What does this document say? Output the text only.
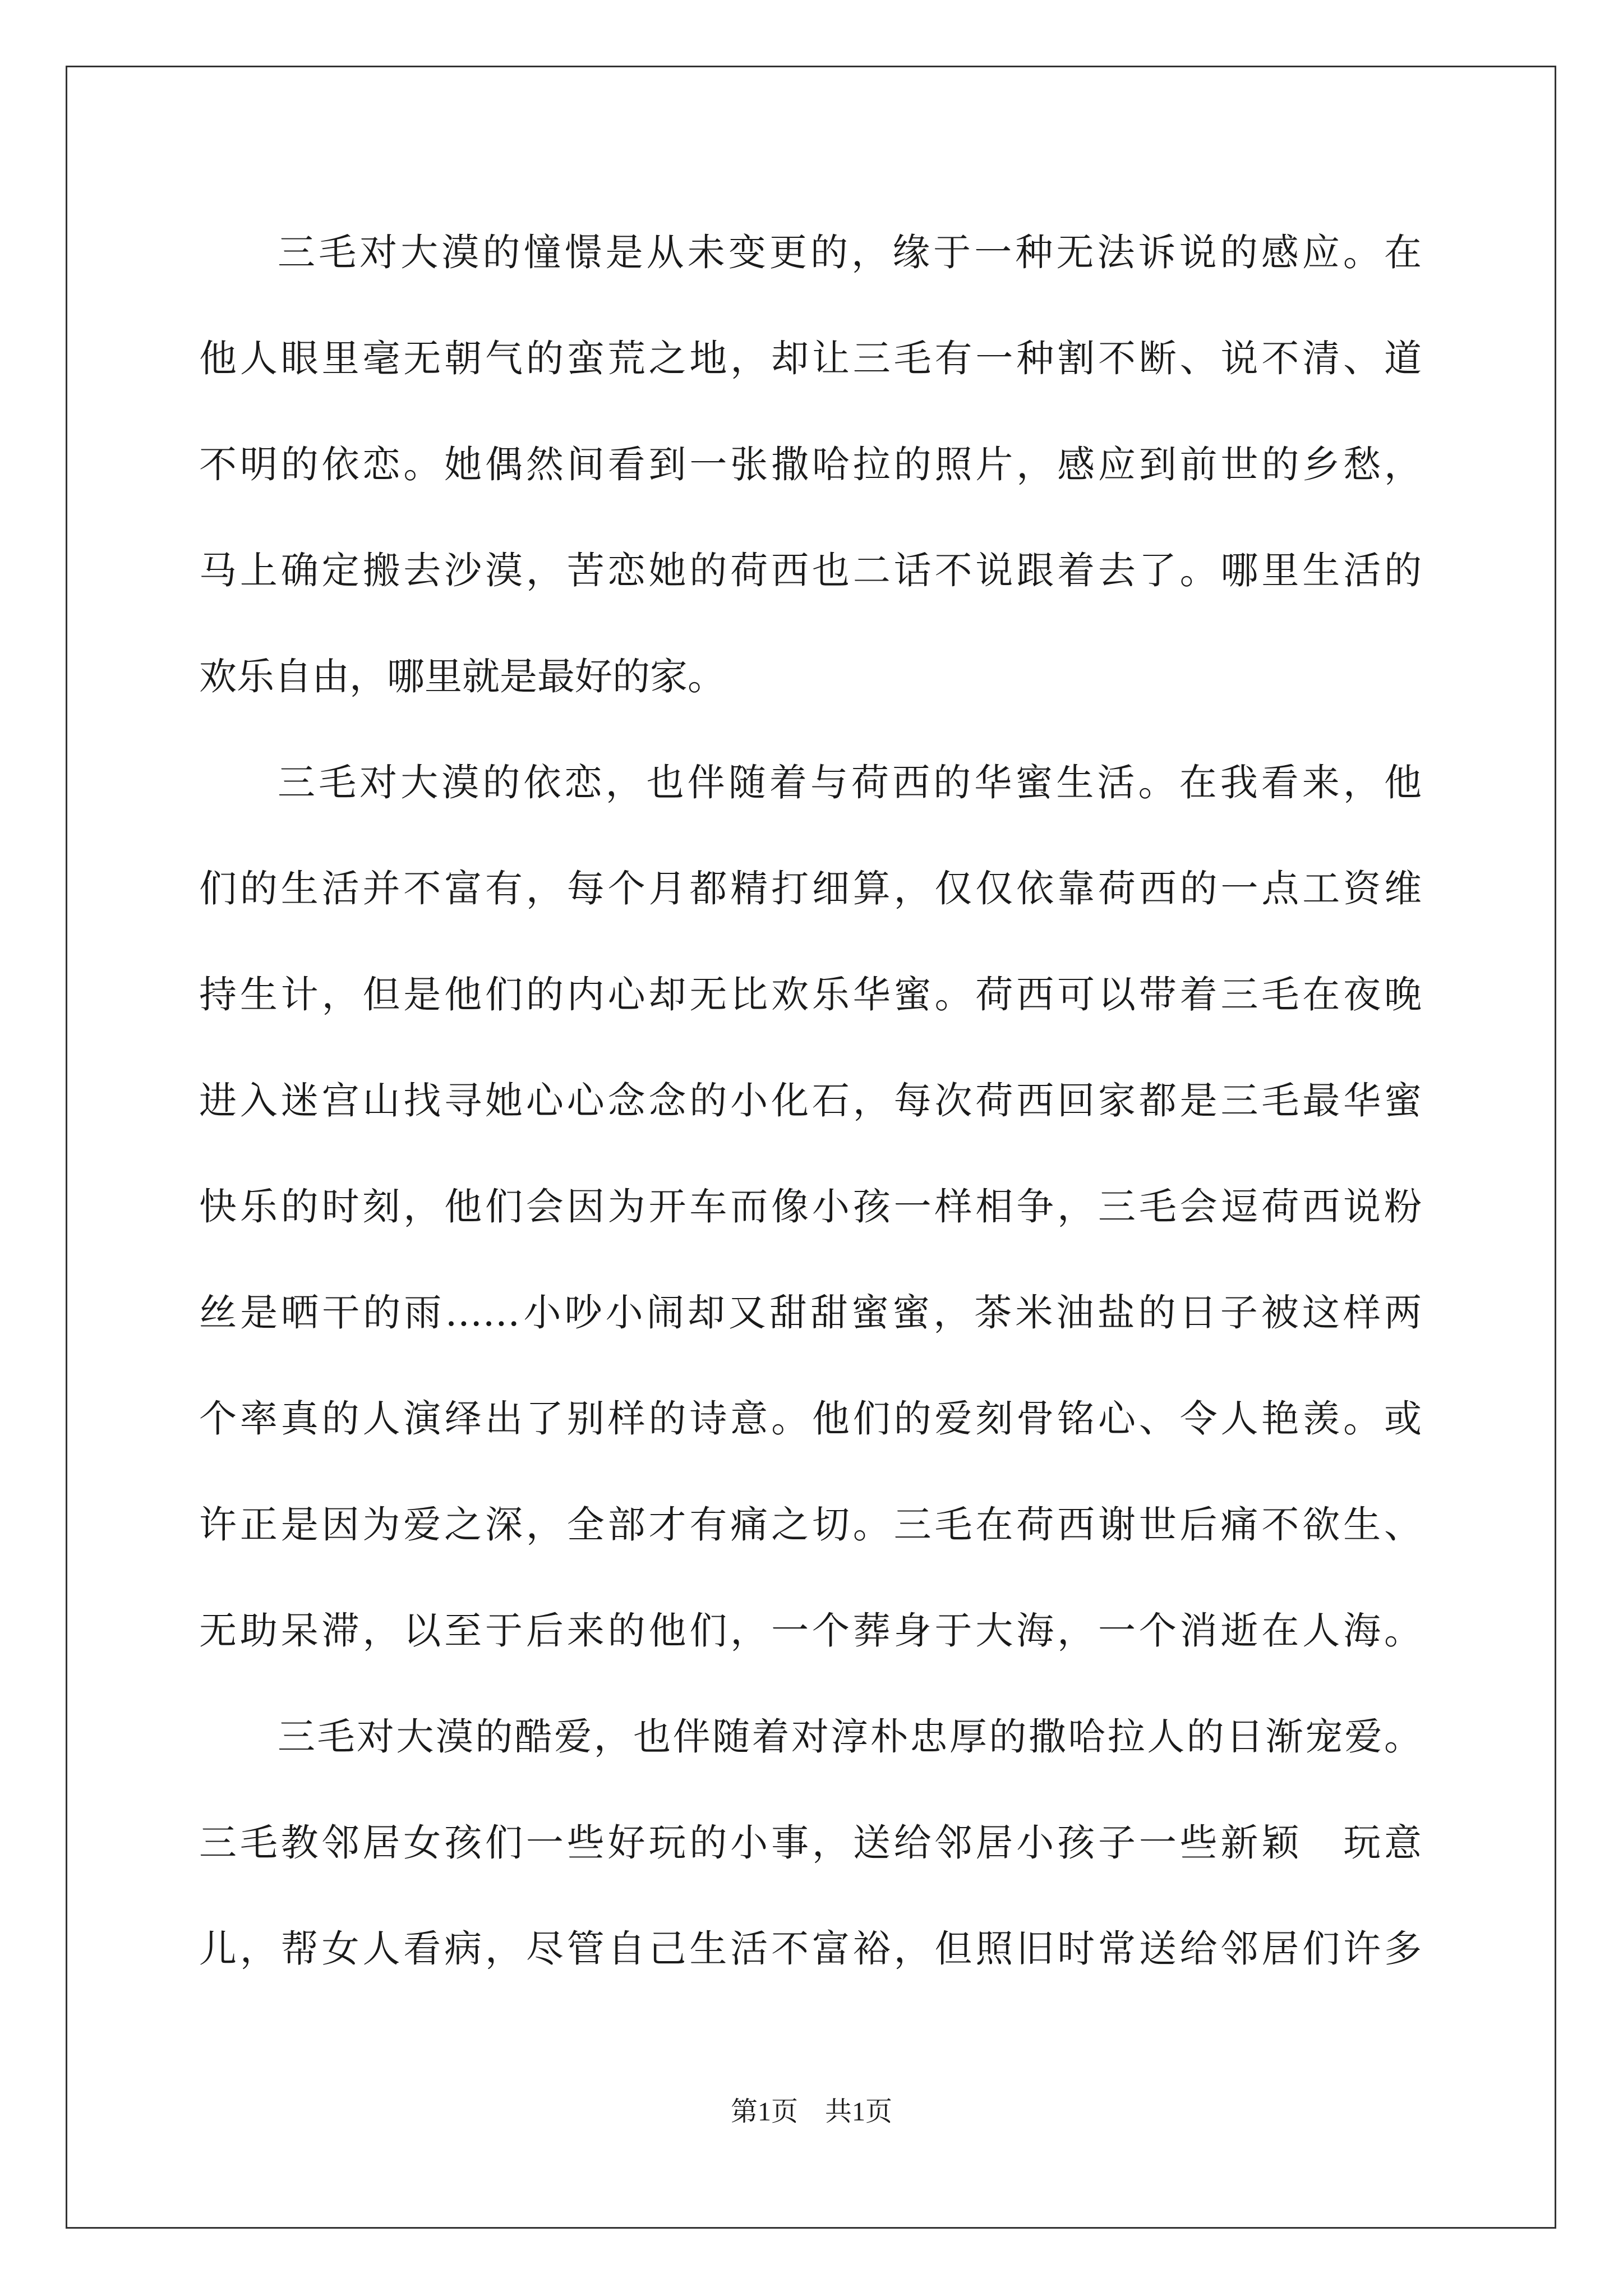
三毛对大漠的憧憬是从未变更的，缘于一种无法诉说的感应。在
他人眼里毫无朝气的蛮荒之地，却让三毛有一种割不断、说不清、道
不明的依恋。她偶然间看到一张撒哈拉的照片，感应到前世的乡愁，
马上确定搬去沙漠，苦恋她的荷西也二话不说跟着去了。哪里生活的
欢乐自由，哪里就是最好的家。
三毛对大漠的依恋，也伴随着与荷西的华蜜生活。在我看来，他
们的生活并不富有，每个月都精打细算，仅仅依靠荷西的一点工资维
持生计，但是他们的内心却无比欢乐华蜜。荷西可以带着三毛在夜晚
进入迷宫山找寻她心心念念的小化石，每次荷西回家都是三毛最华蜜
快乐的时刻，他们会因为开车而像小孩一样相争，三毛会逗荷西说粉
丝是晒干的雨……小吵小闹却又甜甜蜜蜜，茶米油盐的日子被这样两
个率真的人演绎出了别样的诗意。他们的爱刻骨铭心、令人艳羡。或
许正是因为爱之深，全部才有痛之切。三毛在荷西谢世后痛不欲生、
无助呆滞，以至于后来的他们，一个葬身于大海，一个消逝在人海。
三毛对大漠的酷爱，也伴随着对淳朴忠厚的撒哈拉人的日渐宠爱。
三毛教邻居女孩们一些好玩的小事，送给邻居小孩子一些新颖　玩意
儿，帮女人看病，尽管自己生活不富裕，但照旧时常送给邻居们许多
第1页　共1页
